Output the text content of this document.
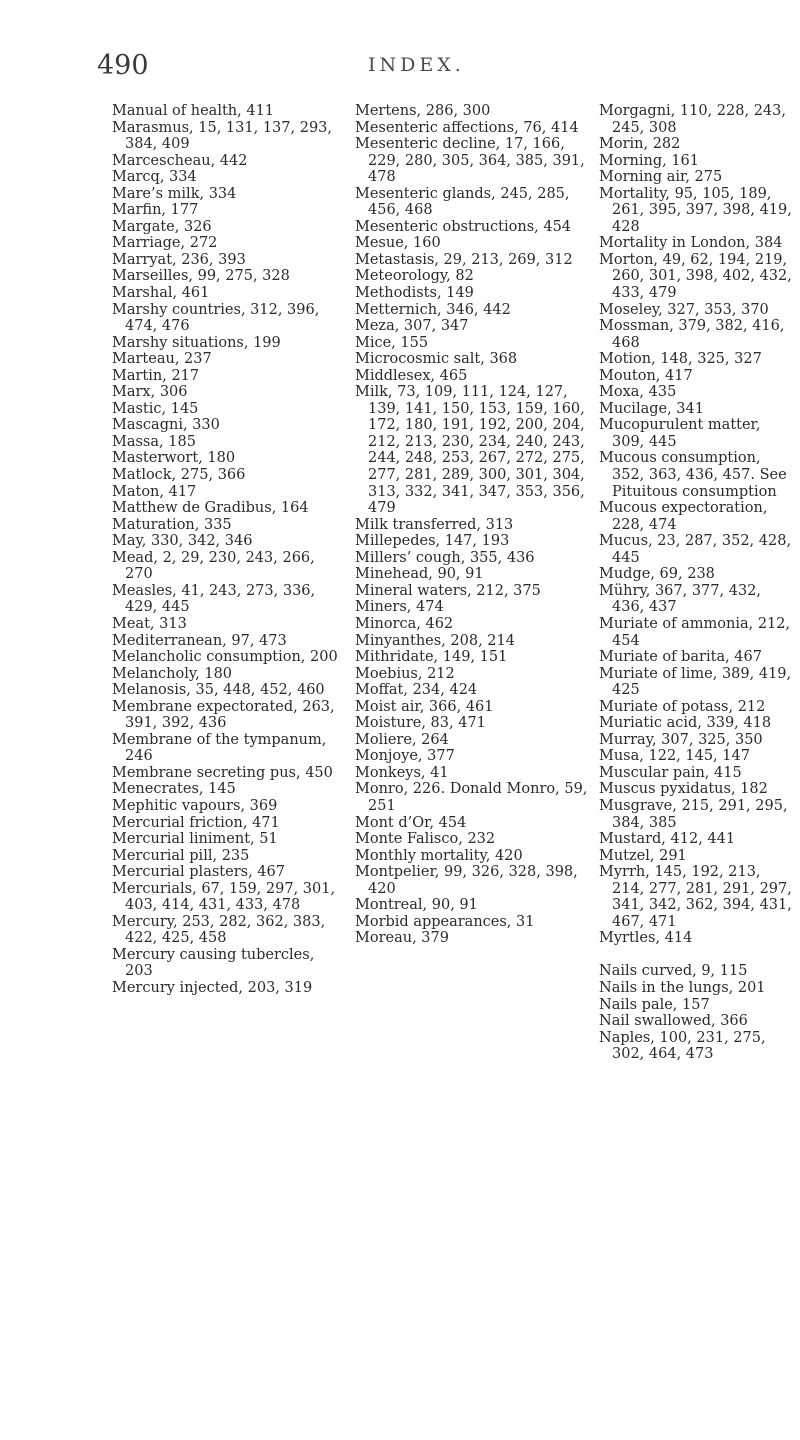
490	INDEX.
Manual of health, 411
Marasmus, 15, 131, 137, 293, 384, 409
Marcescheau, 442
Marcq, 334
Mare’s milk, 334
Marfin, 177
Margate, 326
Marriage, 272
Marryat, 236, 393
Marseilles, 99, 275, 328
Marshal, 461
Marshy countries, 312, 396, 474, 476
Marshy situations, 199
Marteau, 237
Martin, 217
Marx, 306
Mastic, 145
Mascagni, 330
Massa, 185
Masterwort, 180
Matlock, 275, 366
Maton, 417
Matthew de Gradibus, 164
Maturation, 335
May, 330, 342, 346
Mead, 2, 29, 230, 243, 266, 270
Measles, 41, 243, 273, 336, 429, 445
Meat, 313
Mediterranean, 97, 473
Melancholic consumption, 200
Melancholy, 180
Melanosis, 35, 448, 452, 460
Membrane expectorated, 263, 391, 392, 436
Membrane of the tympanum, 246
Membrane secreting pus, 450
Menecrates, 145
Mephitic vapours, 369
Mercurial friction, 471
Mercurial liniment, 51
Mercurial pill, 235
Mercurial plasters, 467
Mercurials, 67, 159, 297, 301, 403, 414, 431, 433, 478
Mercury, 253, 282, 362, 383, 422, 425, 458
Mercury causing tubercles, 203
Mercury injected, 203, 319
Mertens, 286, 300
Mesenteric affections, 76, 414
Mesenteric decline, 17, 166, 229, 280, 305, 364, 385, 391, 478
Mesenteric glands, 245, 285, 456, 468
Mesenteric obstructions, 454
Mesue, 160
Metastasis, 29, 213, 269, 312
Meteorology, 82
Methodists, 149
Metternich, 346, 442
Meza, 307, 347
Mice, 155
Microcosmic salt, 368
Middlesex, 465
Milk, 73, 109, 111, 124, 127, 139, 141, 150, 153, 159, 160, 172, 180, 191, 192, 200, 204, 212, 213, 230, 234, 240, 243, 244, 248, 253, 267, 272, 275, 277, 281, 289, 300, 301, 304, 313, 332, 341, 347, 353, 356, 479
Milk transferred, 313
Millepedes, 147, 193
Millers’ cough, 355, 436
Minehead, 90, 91
Mineral waters, 212, 375
Miners, 474
Minorca, 462
Minyanthes, 208, 214
Mithridate, 149, 151
Moebius, 212
Moffat, 234, 424
Moist air, 366, 461
Moisture, 83, 471
Moliere, 264
Monjoye, 377
Monkeys, 41
Monro, 226. Donald Monro, 59, 251
Mont d’Or, 454
Monte Falisco, 232
Monthly mortality, 420
Montpelier, 99, 326, 328, 398, 420
Montreal, 90, 91
Morbid appearances, 31
Moreau, 379
Morgagni, 110, 228, 243, 245, 308
Morin, 282
Morning, 161
Morning air, 275
Mortality, 95, 105, 189, 261, 395, 397, 398, 419, 428
Mortality in London, 384
Morton, 49, 62, 194, 219, 260, 301, 398, 402, 432, 433, 479
Moseley, 327, 353, 370
Mossman, 379, 382, 416, 468
Motion, 148, 325, 327
Mouton, 417
Moxa, 435
Mucilage, 341
Mucopurulent matter, 309, 445
Mucous consumption, 352, 363, 436, 457. See Pituitous consumption
Mucous expectoration, 228, 474
Mucus, 23, 287, 352, 428, 445
Mudge, 69, 238
Mühry, 367, 377, 432, 436, 437
Muriate of ammonia, 212, 454
Muriate of barita, 467
Muriate of lime, 389, 419, 425
Muriate of potass, 212
Muriatic acid, 339, 418
Murray, 307, 325, 350
Musa, 122, 145, 147
Muscular pain, 415
Muscus pyxidatus, 182
Musgrave, 215, 291, 295, 384, 385
Mustard, 412, 441
Mutzel, 291
Myrrh, 145, 192, 213, 214, 277, 281, 291, 297, 341, 342, 362, 394, 431, 467, 471
Myrtles, 414
Nails curved, 9, 115
Nails in the lungs, 201
Nails pale, 157
Nail swallowed, 366
Naples, 100, 231, 275, 302, 464, 473
